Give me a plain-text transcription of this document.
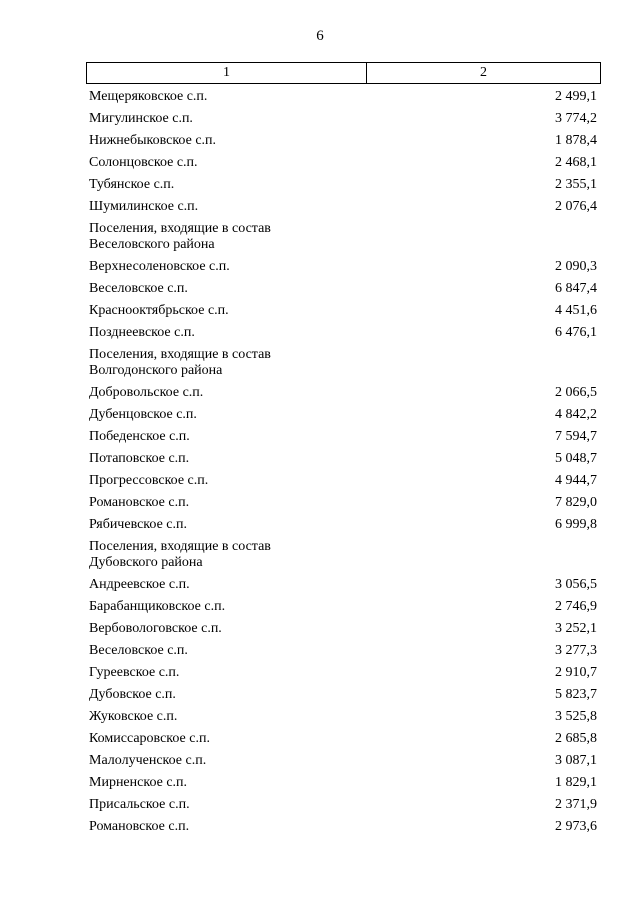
6
1	2
Мещеряковское с.п.	2 499,1
Мигулинское с.п.	3 774,2
Нижнебыковское с.п.	1 878,4
Солонцовское с.п.	2 468,1
Тубянское с.п.	2 355,1
Шумилинское с.п.	2 076,4
Поселения, входящие в состав
Веселовского района
Верхнесоленовское с.п.	2 090,3
Веселовское с.п.	6 847,4
Краснооктябрьское с.п.	4 451,6
Позднеевское с.п.	6 476,1
Поселения, входящие в состав
Волгодонского района
Добровольское с.п.	2 066,5
Дубенцовское с.п.	4 842,2
Победенское с.п.	7 594,7
Потаповское с.п.	5 048,7
Прогрессовское с.п.	4 944,7
Романовское с.п.	7 829,0
Рябичевское с.п.	6 999,8
Поселения, входящие в состав
Дубовского района
Андреевское с.п.	3 056,5
Барабанщиковское с.п.	2 746,9
Вербовологовское с.п.	3 252,1
Веселовское с.п.	3 277,3
Гуреевское с.п.	2 910,7
Дубовское с.п.	5 823,7
Жуковское с.п.	3 525,8
Комиссаровское с.п.	2 685,8
Малолученское с.п.	3 087,1
Мирненское с.п.	1 829,1
Присальское с.п.	2 371,9
Романовское с.п.	2 973,6
